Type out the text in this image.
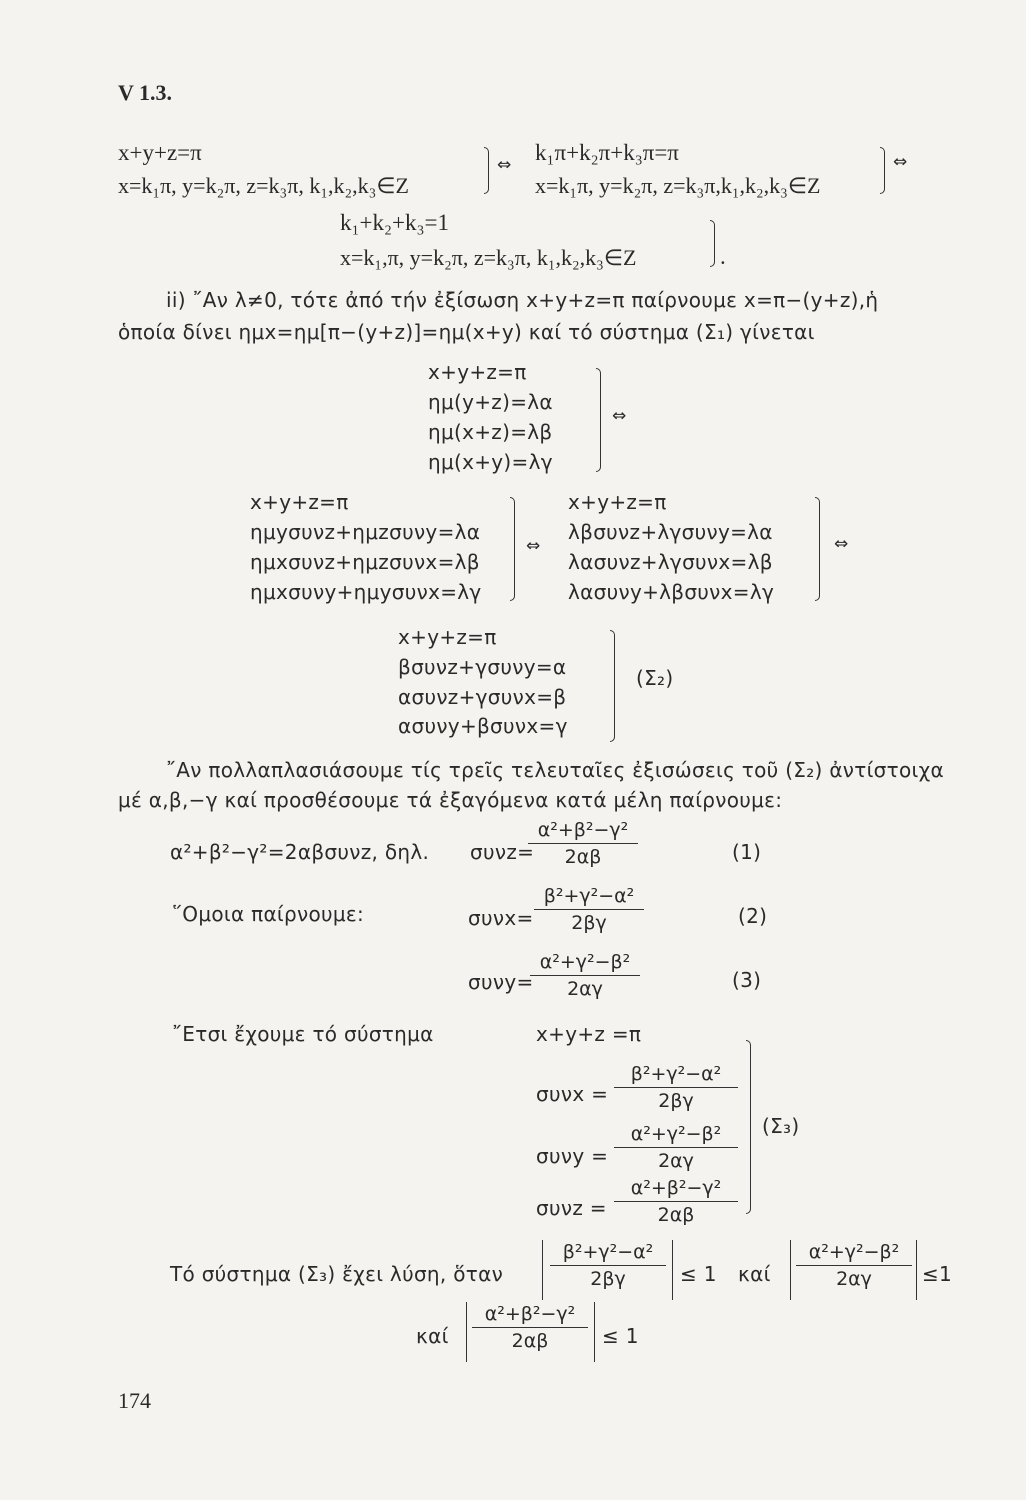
V 1.3.
x+y+z=π
x=k₁π, y=k₂π, z=k₃π, k₁,k₂,k₃∈Z
⇔ k₁π+k₂π+k₃π=π
x=k₁π, y=k₂π, z=k₃π,k₁,k₂,k₃∈Z
⇔
k₁+k₂+k₃=1
x=k₁,π, y=k₂π, z=k₃π, k₁,k₂,k₃∈Z	.
ii) ῎Αν λ≠0, τότε ἀπό τήν ἐξίσωση x+y+z=π παίρνουμε x=π−(y+z),ἡ
ὁποία δίνει ημx=ημ[π−(y+z)]=ημ(x+y) καί τό σύστημα (Σ₁) γίνεται
x+y+z=π
ημ(y+z)=λα
ημ(x+z)=λβ
ημ(x+y)=λγ
⇔
x+y+z=π
ημyσυνz+ημzσυνy=λα
ημxσυνz+ημzσυνx=λβ
ημxσυνy+ημyσυνx=λγ
⇔
x+y+z=π
λβσυνz+λγσυνy=λα
λασυνz+λγσυνx=λβ
λασυνy+λβσυνx=λγ
⇔
x+y+z=π
βσυνz+γσυνy=α
ασυνz+γσυνx=β
ασυνy+βσυνx=γ
(Σ₂)
῎Αν πολλαπλασιάσουμε τίς τρεῖς τελευταῖες ἐξισώσεις τοῦ (Σ₂) ἀντίστοιχα
μέ α,β,−γ καί προσθέσουμε τά ἐξαγόμενα κατά μέλη παίρνουμε:
α²+β²−γ²=2αβσυνz, δηλ. συνz=
α²+β²−γ²
2αβ	(1)
῞Ομοια παίρνουμε:	συνx=
β²+γ²−α²
2βγ	(2)
συνy=
α²+γ²−β²
2αγ	(3)
῎Ετσι ἔχουμε τό σύστημα	x+y+z =π
συνx =
β²+γ²−α²
2βγ
συνy =
α²+γ²−β²
2αγ
συνz =
α²+β²−γ²
2αβ
(Σ₃)
Τό σύστημα (Σ₃) ἔχει λύση, ὅταν
β²+γ²−α²
2βγ	≤ 1 καί
α²+γ²−β²
2αγ	≤1
καί
α²+β²−γ²
2αβ	≤ 1
174
